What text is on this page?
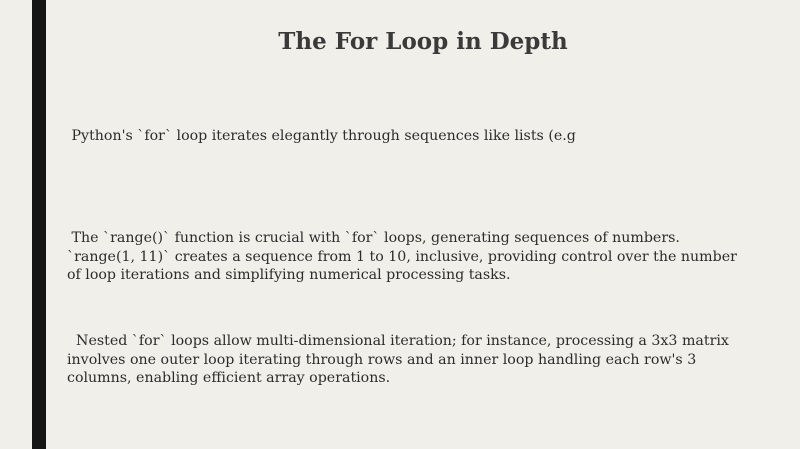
The For Loop in Depth

Python's `for` loop iterates elegantly through sequences like lists (e.g

The `range()` function is crucial with `for` loops, generating sequences of numbers. `range(1, 11)` creates a sequence from 1 to 10, inclusive, providing control over the number of loop iterations and simplifying numerical processing tasks.

Nested `for` loops allow multi-dimensional iteration; for instance, processing a 3x3 matrix involves one outer loop iterating through rows and an inner loop handling each row's 3 columns, enabling efficient array operations.
